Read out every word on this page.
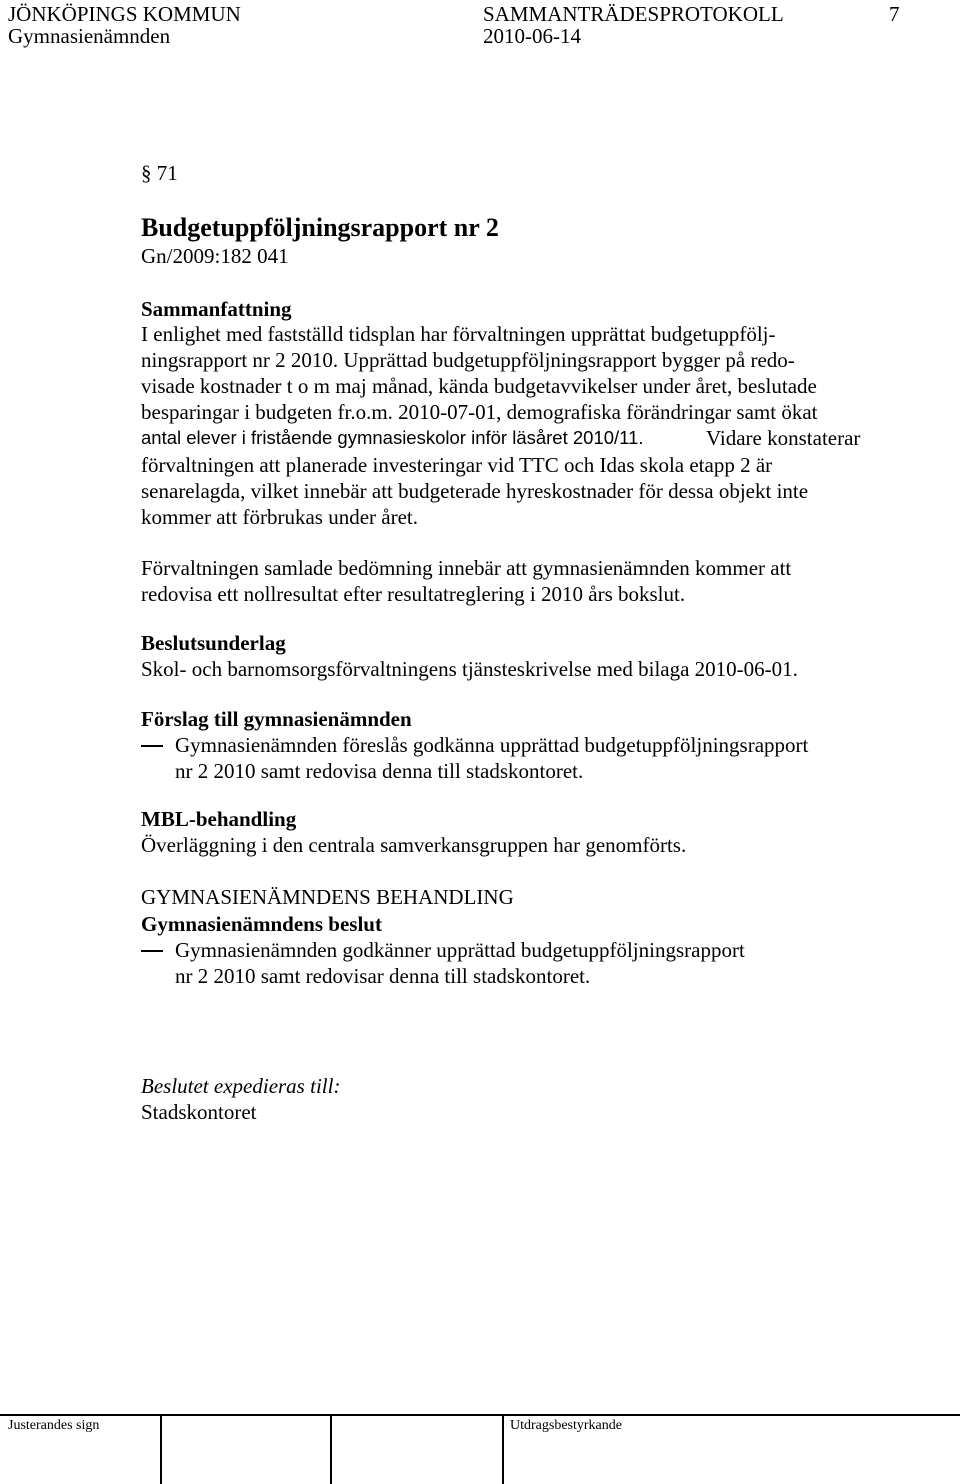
JÖNKÖPINGS KOMMUN	SAMMANTRÄDESPROTOKOLL	7
Gymnasienämnden	2010-06-14
§ 71
Budgetuppföljningsrapport nr 2
Gn/2009:182 041
Sammanfattning
I enlighet med fastställd tidsplan har förvaltningen upprättat budgetuppfölj-
ningsrapport nr 2 2010. Upprättad budgetuppföljningsrapport bygger på redo-
visade kostnader t o m maj månad, kända budgetavvikelser under året, beslutade
besparingar i budgeten fr.o.m. 2010-07-01, demografiska förändringar samt ökat
antal elever i fristående gymnasieskolor inför läsåret 2010/11.	Vidare konstaterar
förvaltningen att planerade investeringar vid TTC och Idas skola etapp 2 är
senarelagda, vilket innebär att budgeterade hyreskostnader för dessa objekt inte
kommer att förbrukas under året.
Förvaltningen samlade bedömning innebär att gymnasienämnden kommer att
redovisa ett nollresultat efter resultatreglering i 2010 års bokslut.
Beslutsunderlag
Skol- och barnomsorgsförvaltningens tjänsteskrivelse med bilaga 2010-06-01.
Förslag till gymnasienämnden
Gymnasienämnden föreslås godkänna upprättad budgetuppföljningsrapport
nr 2 2010 samt redovisa denna till stadskontoret.
MBL-behandling
Överläggning i den centrala samverkansgruppen har genomförts.
GYMNASIENÄMNDENS BEHANDLING
Gymnasienämndens beslut
Gymnasienämnden godkänner upprättad budgetuppföljningsrapport
nr 2 2010 samt redovisar denna till stadskontoret.
Beslutet expedieras till:
Stadskontoret
Justerandes sign	Utdragsbestyrkande
